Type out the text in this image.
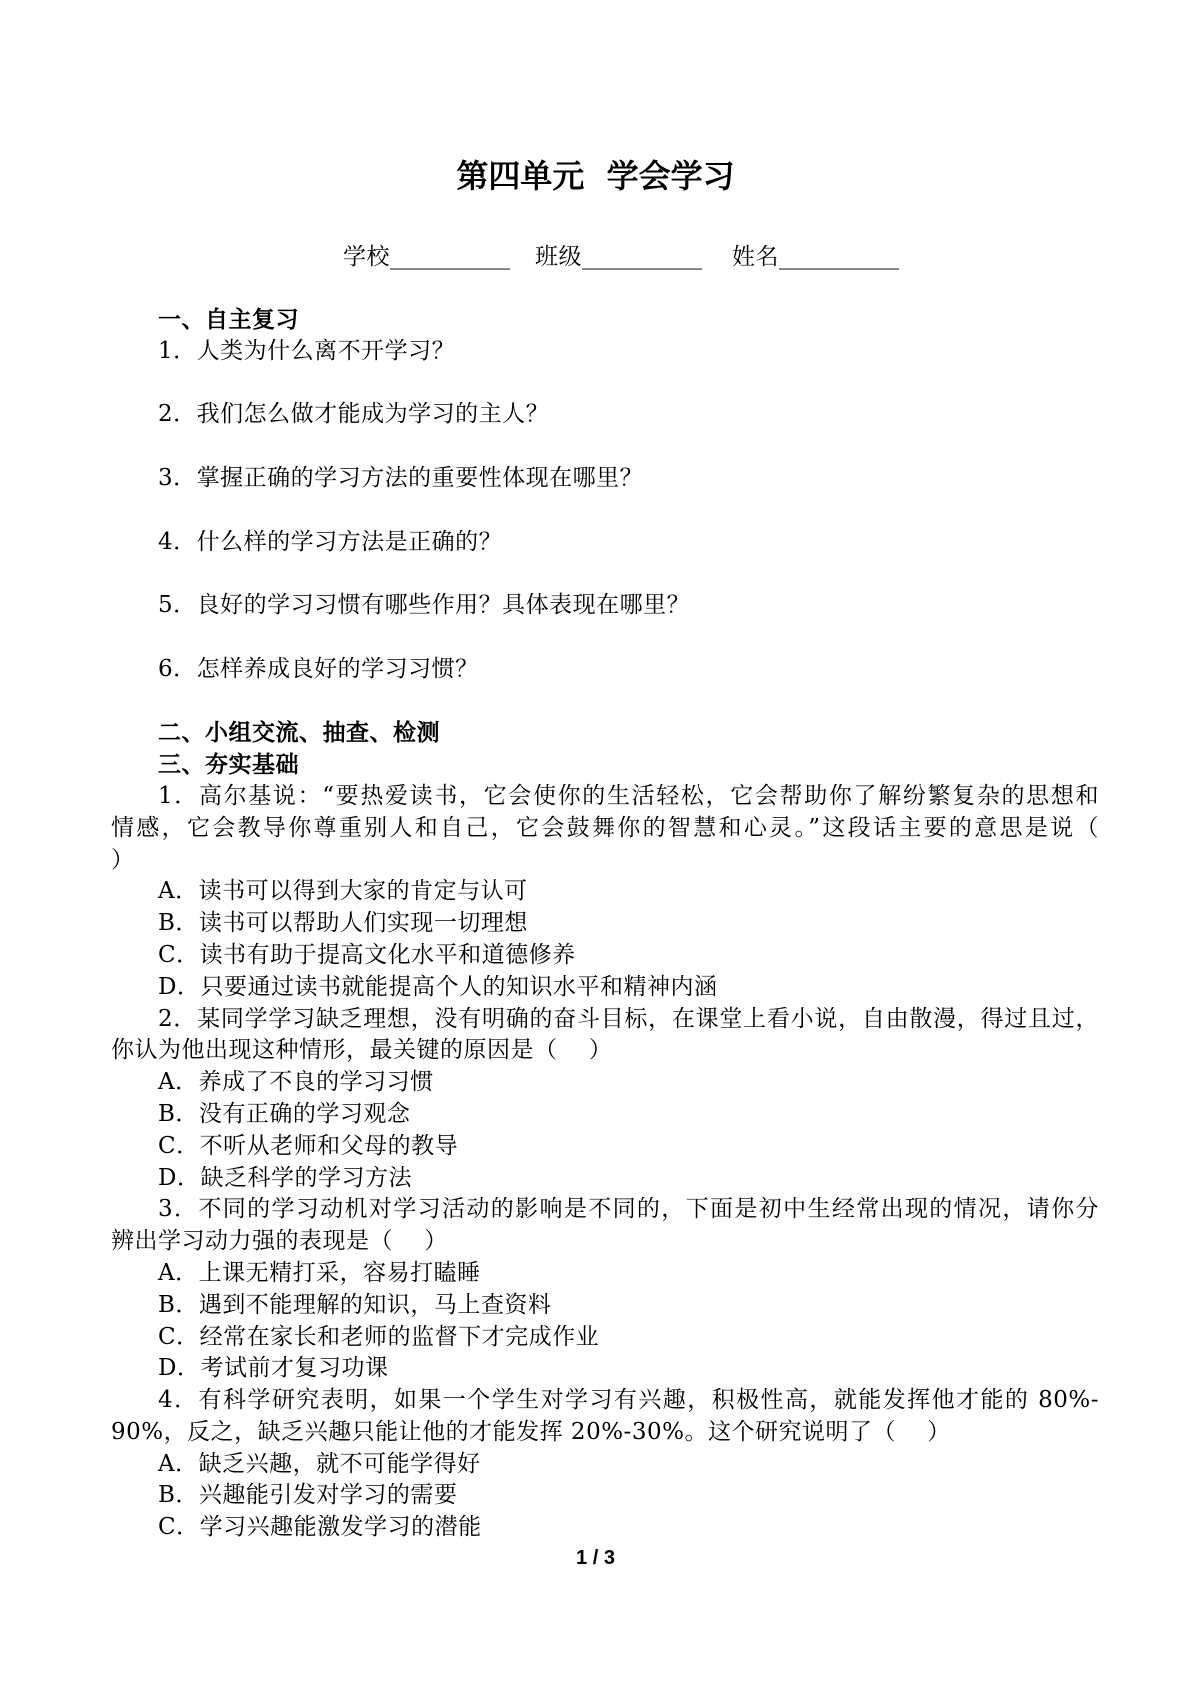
第四单元  学会学习
学校 __________ 班级 __________ 姓名 __________
一、自主复习
1．人类为什么离不开学习？
2．我们怎么做才能成为学习的主人？
3．掌握正确的学习方法的重要性体现在哪里？
4．什么样的学习方法是正确的？
5．良好的学习习惯有哪些作用？具体表现在哪里？
6．怎样养成良好的学习习惯？
二、小组交流、抽查、检测
三、夯实基础
1．高尔基说：“要热爱读书，它会使你的生活轻松，它会帮助你了解纷繁复杂的思想和
情感，它会教导你尊重别人和自己，它会鼓舞你的智慧和心灵。”这段话主要的意思是说（
）
A．读书可以得到大家的肯定与认可
B．读书可以帮助人们实现一切理想
C．读书有助于提高文化水平和道德修养
D．只要通过读书就能提高个人的知识水平和精神内涵
2．某同学学习缺乏理想，没有明确的奋斗目标，在课堂上看小说，自由散漫，得过且过，
你认为他出现这种情形，最关键的原因是（    ）
A．养成了不良的学习习惯
B．没有正确的学习观念
C．不听从老师和父母的教导
D．缺乏科学的学习方法
3．不同的学习动机对学习活动的影响是不同的，下面是初中生经常出现的情况，请你分
辨出学习动力强的表现是（    ）
A．上课无精打采，容易打瞌睡
B．遇到不能理解的知识，马上查资料
C．经常在家长和老师的监督下才完成作业
D．考试前才复习功课
4．有科学研究表明，如果一个学生对学习有兴趣，积极性高，就能发挥他才能的 80%-
90%，反之，缺乏兴趣只能让他的才能发挥 20%-30%。这个研究说明了（    ）
A．缺乏兴趣，就不可能学得好
B．兴趣能引发对学习的需要
C．学习兴趣能激发学习的潜能
1 / 3
